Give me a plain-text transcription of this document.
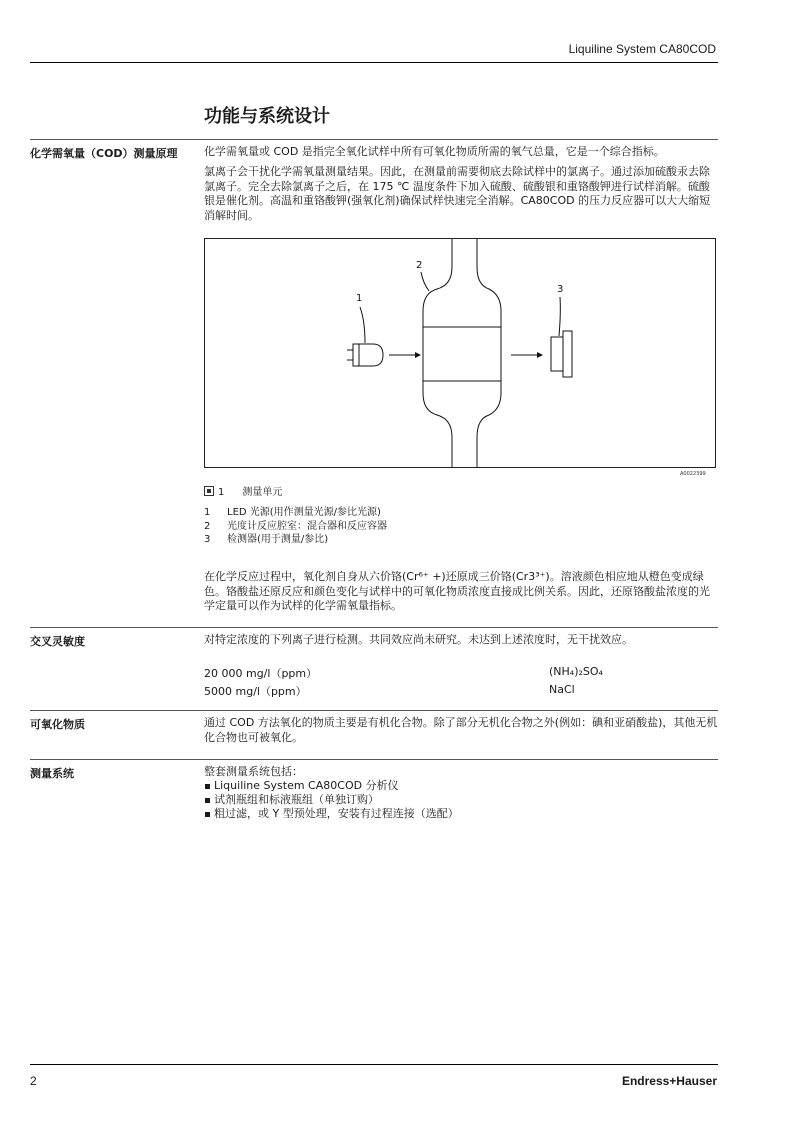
Liquiline System CA80COD
功能与系统设计
化学需氧量（COD）测量原理 化学需氧量或 COD 是指完全氧化试样中所有可氧化物质所需的氧气总量，它是一个综合指标。
氯离子会干扰化学需氧量测量结果。因此，在测量前需要彻底去除试样中的氯离子。通过添加硫酸汞去除氯离子。完全去除氯离子之后，在 175 ℃ 温度条件下加入硫酸、硫酸银和重铬酸钾进行试样消解。硫酸银是催化剂。高温和重铬酸钾(强氧化剂)确保试样快速完全消解。CA80COD 的压力反应器可以大大缩短消解时间。
1
2
3
A0022399
1 测量单元
1 LED 光源(用作测量光源/参比光源)
2 光度计反应腔室：混合器和反应容器
3 检测器(用于测量/参比)
在化学反应过程中，氧化剂自身从六价铬(Cr⁶⁺ +)还原成三价铬(Cr3³⁺)。溶液颜色相应地从橙色变成绿色。铬酸盐还原反应和颜色变化与试样中的可氧化物质浓度直接成比例关系。因此，还原铬酸盐浓度的光学定量可以作为试样的化学需氧量指标。
交叉灵敏度	对特定浓度的下列离子进行检测。共同效应尚未研究。未达到上述浓度时，无干扰效应。
20 000 mg/l（ppm）	(NH₄)₂SO₄
5000 mg/l（ppm）	NaCl
可氧化物质	通过 COD 方法氧化的物质主要是有机化合物。除了部分无机化合物之外(例如：碘和亚硝酸盐)，其他无机化合物也可被氧化。
测量系统	整套测量系统包括：
Liquiline System CA80COD 分析仪
试剂瓶组和标液瓶组（单独订购）
粗过滤，或 Y 型预处理，安装有过程连接（选配）
2	Endress+Hauser
